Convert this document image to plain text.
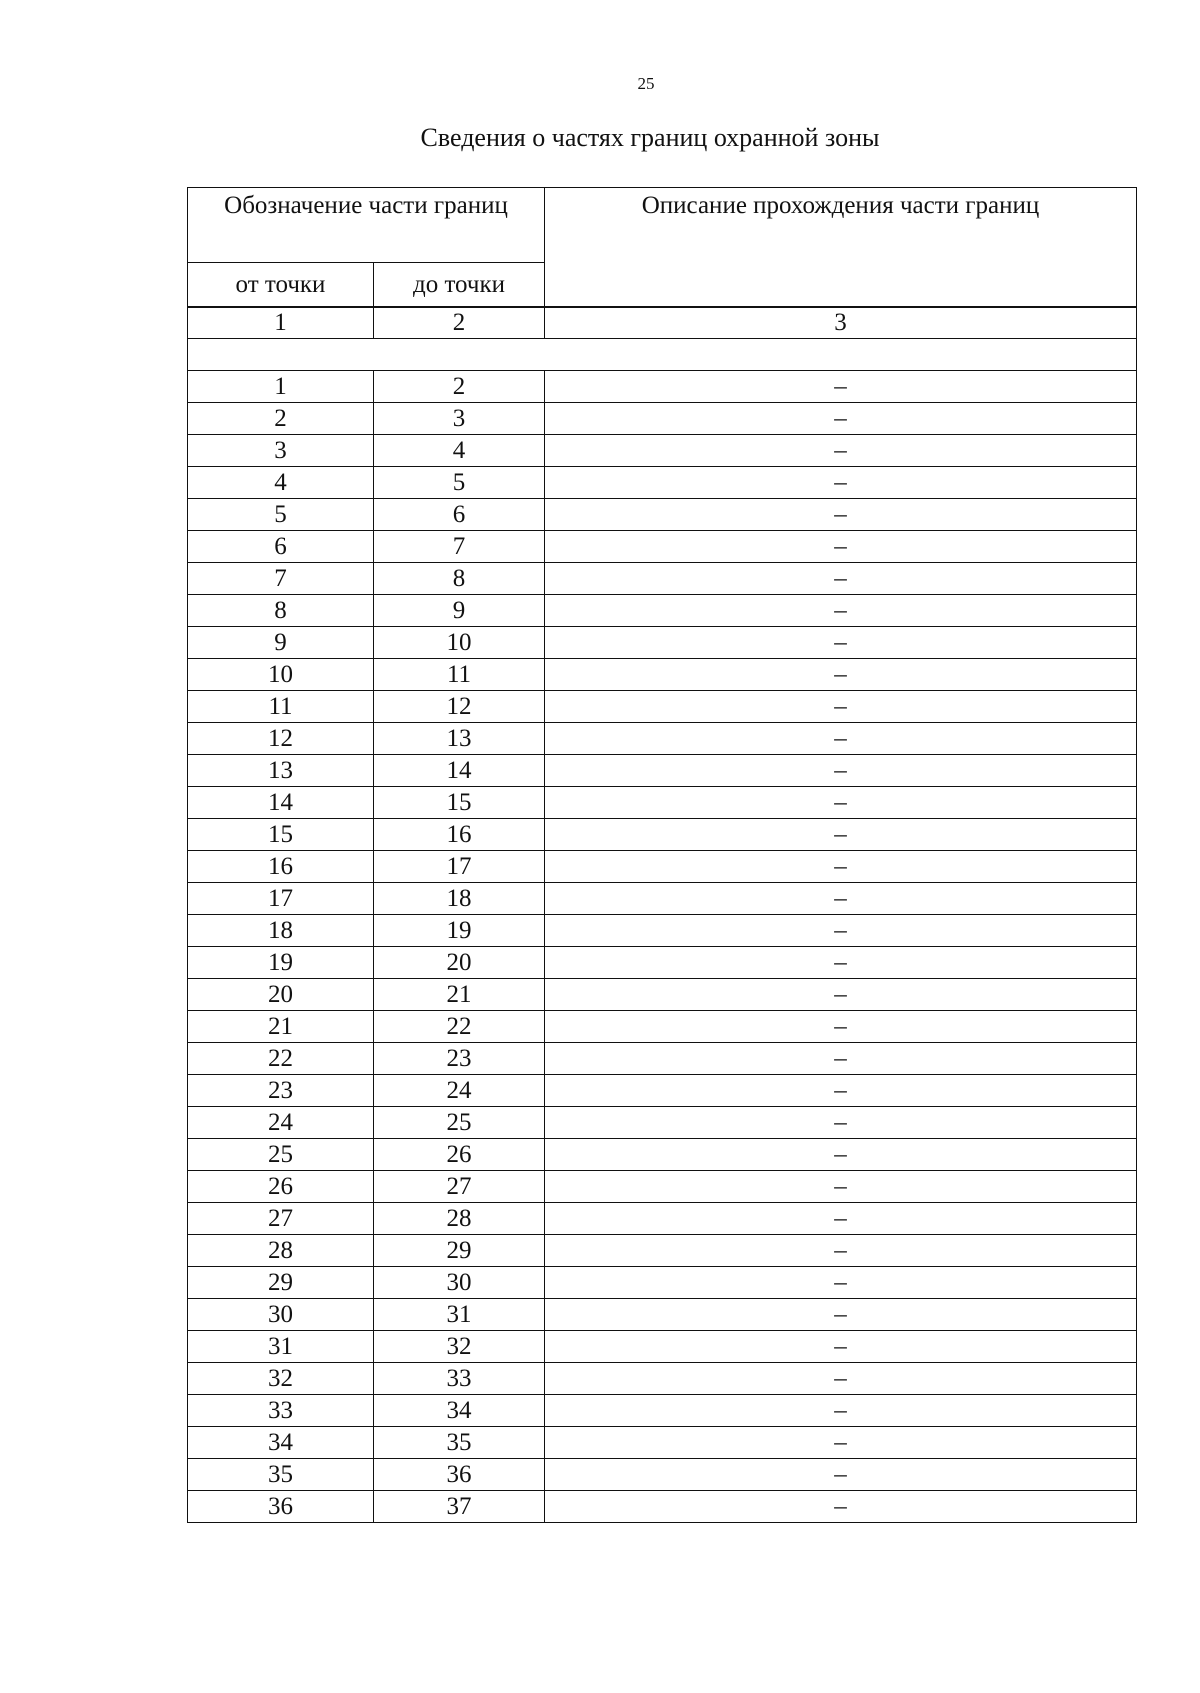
25
Сведения о частях границ охранной зоны
Обозначение части границ		Описание прохождения части границ
от точки	до точки	
1	2	3

1	2	–
2	3	–
3	4	–
4	5	–
5	6	–
6	7	–
7	8	–
8	9	–
9	10	–
10	11	–
11	12	–
12	13	–
13	14	–
14	15	–
15	16	–
16	17	–
17	18	–
18	19	–
19	20	–
20	21	–
21	22	–
22	23	–
23	24	–
24	25	–
25	26	–
26	27	–
27	28	–
28	29	–
29	30	–
30	31	–
31	32	–
32	33	–
33	34	–
34	35	–
35	36	–
36	37	–
